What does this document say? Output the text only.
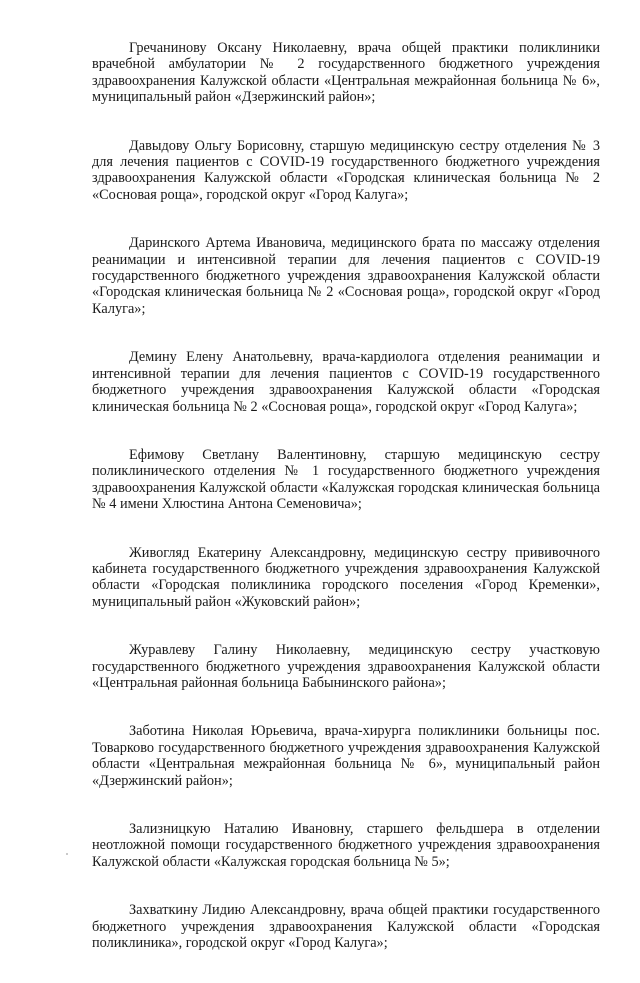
Гречанинову Оксану Николаевну, врача общей практики поликлиники врачебной амбулатории № 2 государственного бюджетного учреждения здравоохранения Калужской области «Центральная межрайонная больница № 6», муниципальный район «Дзержинский район»;

Давыдову Ольгу Борисовну, старшую медицинскую сестру отделения № 3 для лечения пациентов с COVID-19 государственного бюджетного учреждения здравоохранения Калужской области «Городская клиническая больница № 2 «Сосновая роща», городской округ «Город Калуга»;

Даринского Артема Ивановича, медицинского брата по массажу отделения реанимации и интенсивной терапии для лечения пациентов с COVID-19 государственного бюджетного учреждения здравоохранения Калужской области «Городская клиническая больница № 2 «Сосновая роща», городской округ «Город Калуга»;

Демину Елену Анатольевну, врача-кардиолога отделения реанимации и интенсивной терапии для лечения пациентов с COVID-19 государственного бюджетного учреждения здравоохранения Калужской области «Городская клиническая больница № 2 «Сосновая роща», городской округ «Город Калуга»;

Ефимову Светлану Валентиновну, старшую медицинскую сестру поликлинического отделения № 1 государственного бюджетного учреждения здравоохранения Калужской области «Калужская городская клиническая больница № 4 имени Хлюстина Антона Семеновича»;

Живогляд Екатерину Александровну, медицинскую сестру прививочного кабинета государственного бюджетного учреждения здравоохранения Калужской области «Городская поликлиника городского поселения «Город Кременки», муниципальный район «Жуковский район»;

Журавлеву Галину Николаевну, медицинскую сестру участковую государственного бюджетного учреждения здравоохранения Калужской области «Центральная районная больница Бабынинского района»;

Заботина Николая Юрьевича, врача-хирурга поликлиники больницы пос. Товарково государственного бюджетного учреждения здравоохранения Калужской области «Центральная межрайонная больница № 6», муниципальный район «Дзержинский район»;

Зализницкую Наталию Ивановну, старшего фельдшера в отделении неотложной помощи государственного бюджетного учреждения здравоохранения Калужской области «Калужская городская больница № 5»;

Захваткину Лидию Александровну, врача общей практики государственного бюджетного учреждения здравоохранения Калужской области «Городская поликлиника», городской округ «Город Калуга»;
